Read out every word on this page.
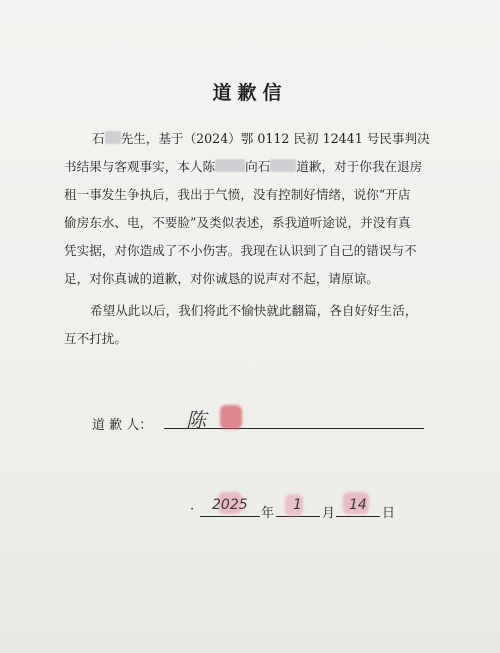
道歉信
石 先生，基于（2024）鄂 0112 民初 12441 号民事判决
书结果与客观事实，本人陈 向石 道歉，对于你我在退房
租一事发生争执后，我出于气愤，没有控制好情绪，说你“开店
偷房东水、电，不要脸”及类似表述，系我道听途说，并没有真
凭实据，对你造成了不小伤害。我现在认识到了自己的错误与不
足，对你真诚的道歉，对你诚恳的说声对不起，请原谅。
希望从此以后，我们将此不愉快就此翻篇，各自好好生活，
互不打扰。
道 歉 人： 陈
· 2025
年
1
月
14
日
